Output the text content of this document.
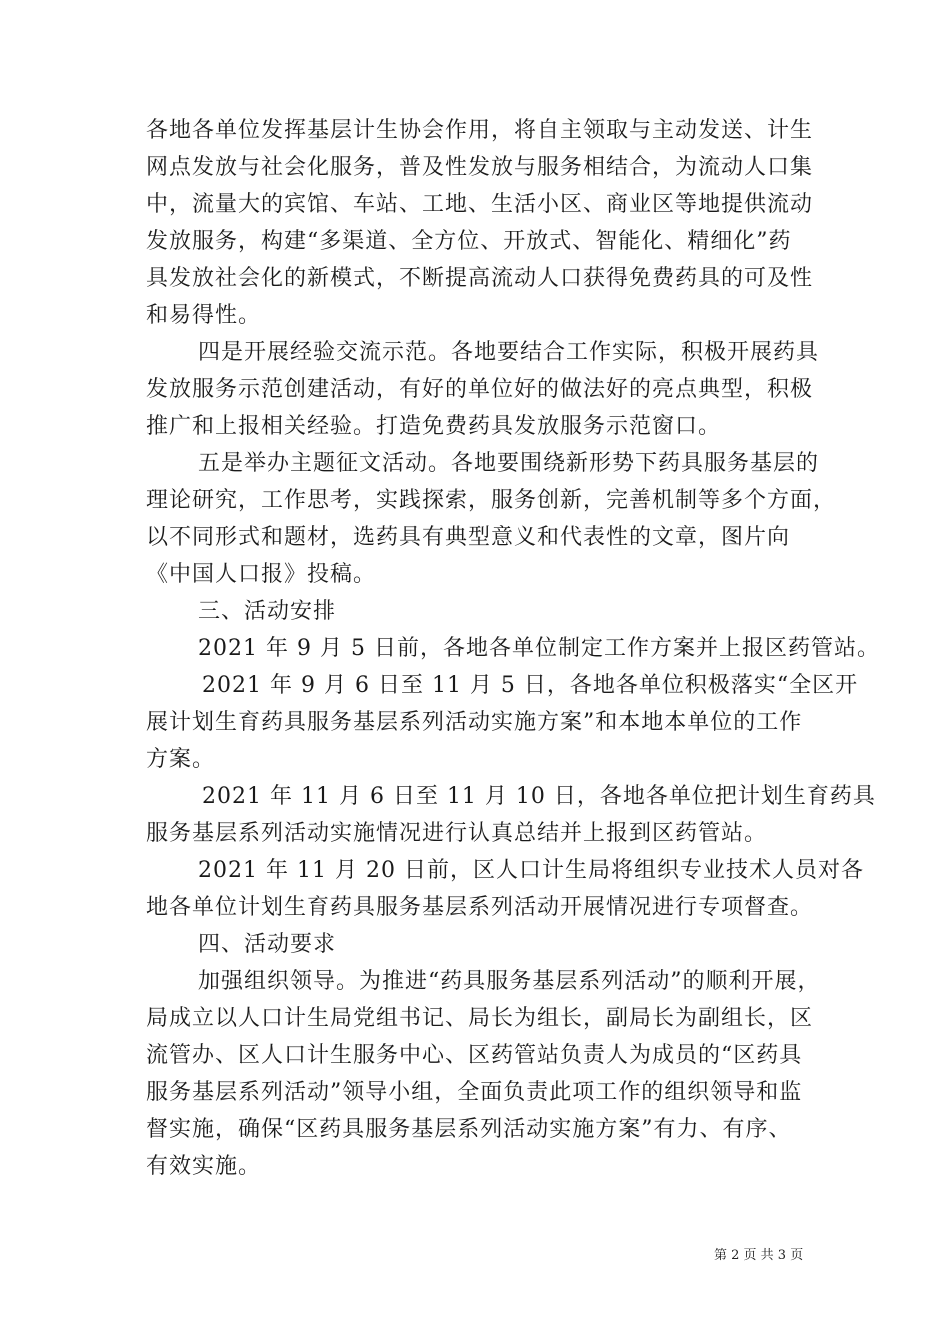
各地各单位发挥基层计生协会作用，将自主领取与主动发送、计生
网点发放与社会化服务，普及性发放与服务相结合，为流动人口集
中，流量大的宾馆、车站、工地、生活小区、商业区等地提供流动
发放服务，构建“多渠道、全方位、开放式、智能化、精细化”药
具发放社会化的新模式，不断提高流动人口获得免费药具的可及性
和易得性。
四是开展经验交流示范。各地要结合工作实际，积极开展药具
发放服务示范创建活动，有好的单位好的做法好的亮点典型，积极
推广和上报相关经验。打造免费药具发放服务示范窗口。
五是举办主题征文活动。各地要围绕新形势下药具服务基层的
理论研究，工作思考，实践探索，服务创新，完善机制等多个方面，
以不同形式和题材，选药具有典型意义和代表性的文章，图片向
《中国人口报》投稿。
三、活动安排
2021 年 9 月 5 日前，各地各单位制定工作方案并上报区药管站。
2021 年 9 月 6 日至 11 月 5 日，各地各单位积极落实“全区开
展计划生育药具服务基层系列活动实施方案”和本地本单位的工作
方案。
2021 年 11 月 6 日至 11 月 10 日，各地各单位把计划生育药具
服务基层系列活动实施情况进行认真总结并上报到区药管站。
2021 年 11 月 20 日前，区人口计生局将组织专业技术人员对各
地各单位计划生育药具服务基层系列活动开展情况进行专项督查。
四、活动要求
加强组织领导。为推进“药具服务基层系列活动”的顺利开展，
局成立以人口计生局党组书记、局长为组长，副局长为副组长，区
流管办、区人口计生服务中心、区药管站负责人为成员的“区药具
服务基层系列活动”领导小组，全面负责此项工作的组织领导和监
督实施，确保“区药具服务基层系列活动实施方案”有力、有序、
有效实施。
第 2 页 共 3 页
